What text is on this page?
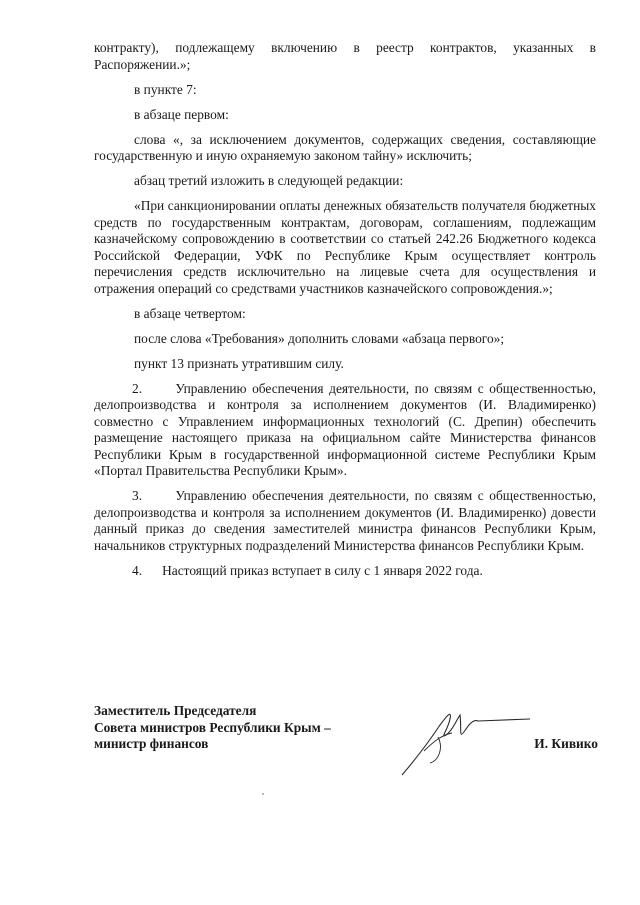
контракту), подлежащему включению в реестр контрактов, указанных в Распоряжении.»;

в пункте 7:

в абзаце первом:

слова «, за исключением документов, содержащих сведения, составляющие государственную и иную охраняемую законом тайну» исключить;

абзац третий изложить в следующей редакции:

«При санкционировании оплаты денежных обязательств получателя бюджетных средств по государственным контрактам, договорам, соглашениям, подлежащим казначейскому сопровождению в соответствии со статьей 242.26 Бюджетного кодекса Российской Федерации, УФК по Республике Крым осуществляет контроль перечисления средств исключительно на лицевые счета для осуществления и отражения операций со средствами участников казначейского сопровождения.»;

в абзаце четвертом:

после слова «Требования» дополнить словами «абзаца первого»;

пункт 13 признать утратившим силу.

2.      Управлению обеспечения деятельности, по связям с общественностью, делопроизводства и контроля за исполнением документов (И. Владимиренко) совместно с Управлением информационных технологий (С. Дрепин) обеспечить размещение настоящего приказа на официальном сайте Министерства финансов Республики Крым в государственной информационной системе Республики Крым «Портал Правительства Республики Крым».

3.      Управлению обеспечения деятельности, по связям с общественностью, делопроизводства и контроля за исполнением документов (И. Владимиренко) довести данный приказ до сведения заместителей министра финансов Республики Крым, начальников структурных подразделений Министерства финансов Республики Крым.

4.      Настоящий приказ вступает в силу с 1 января 2022 года.

Заместитель Председателя

Совета министров Республики Крым –

министр финансов	И. Кивико
